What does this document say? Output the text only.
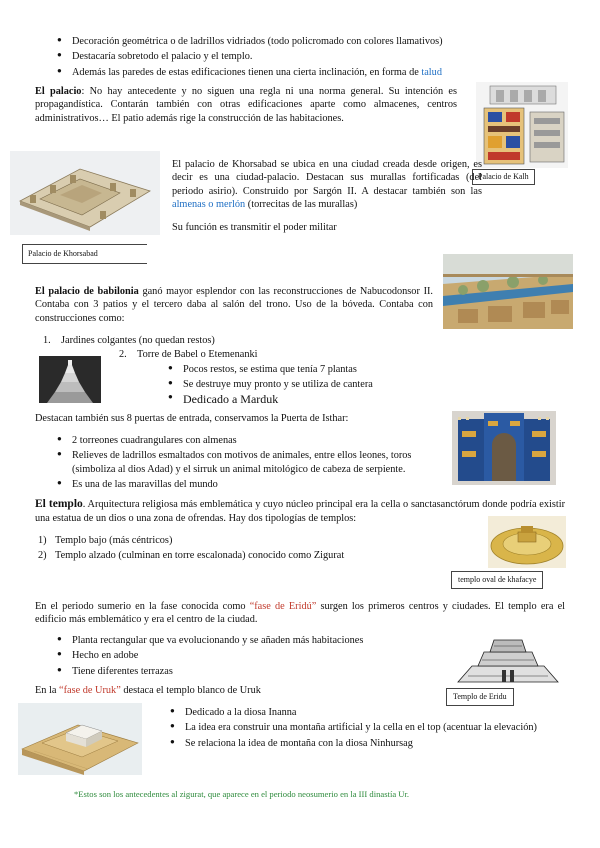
● Decoración geométrica o de ladrillos vidriados (todo policromado con colores llamativos)
● Destacaría sobretodo el palacio y el templo.
● Además las paredes de estas edificaciones tienen una cierta inclinación, en forma de talud
El palacio: No hay antecedente y no siguen una regla ni una norma general. Su intención es propagandística. Contarán también con otras edificaciones aparte como almacenes, centros administrativos… El patio además rige la construcción de las habitaciones.
Palacio de Kalh
El palacio de Khorsabad se ubica en una ciudad creada desde origen, es decir es una ciudad-palacio. Destacan sus murallas fortificadas (del periodo asirio). Construido por Sargón II. A destacar también son las almenas o merlón (torrecitas de las murallas)
Su función es transmitir el poder militar
Palacio de Khorsabad
El palacio de babilonia ganó mayor esplendor con las reconstrucciones de Nabucodonsor II. Contaba con 3 patios y el tercero daba al salón del trono. Uso de la bóveda. Contaba con construcciones como:
1. Jardines colgantes (no quedan restos)
2. Torre de Babel o Etemenanki
● Pocos restos, se estima que tenía 7 plantas
● Se destruye muy pronto y se utiliza de cantera
● Dedicado a Marduk
Destacan también sus 8 puertas de entrada, conservamos la Puerta de Isthar:
● 2 torreones cuadrangulares con almenas
● Relieves de ladrillos esmaltados con motivos de animales, entre ellos leones, toros (simboliza al dios Adad) y el sirruk un animal mitológico de cabeza de serpiente.
● Es una de las maravillas del mundo
El templo. Arquitectura religiosa más emblemática y cuyo núcleo principal era la cella o sanctasanctórum donde podría existir una estatua de un dios o una zona de ofrendas. Hay dos tipologías de templos:
1) Templo bajo (más céntricos)
2) Templo alzado (culminan en torre escalonada) conocido como Zigurat
templo oval de khafacye
En el periodo sumerio en la fase conocida como “fase de Eridú” surgen los primeros centros y ciudades. El templo era el edificio más emblemático y era el centro de la ciudad.
● Planta rectangular que va evolucionando y se añaden más habitaciones
● Hecho en adobe
● Tiene diferentes terrazas
Templo de Eridu
En la “fase de Uruk” destaca el templo blanco de Uruk
● Dedicado a la diosa Inanna
● La idea era construir una montaña artificial y la cella en el top (acentuar la elevación)
● Se relaciona la idea de montaña con la diosa Ninhursag
*Estos son los antecedentes al zigurat, que aparece en el periodo neosumerio en la III dinastía Ur.
